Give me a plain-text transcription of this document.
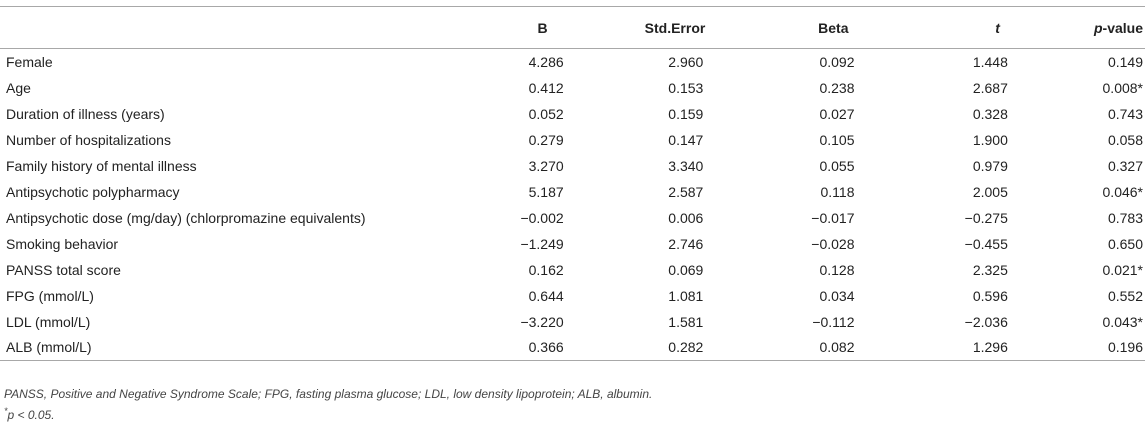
	B	Std.Error	Beta	t	p-value
Female	4.286	2.960	0.092	1.448	0.149
Age	0.412	0.153	0.238	2.687	0.008*
Duration of illness (years)	0.052	0.159	0.027	0.328	0.743
Number of hospitalizations	0.279	0.147	0.105	1.900	0.058
Family history of mental illness	3.270	3.340	0.055	0.979	0.327
Antipsychotic polypharmacy	5.187	2.587	0.118	2.005	0.046*
Antipsychotic dose (mg/day) (chlorpromazine equivalents)	−0.002	0.006	−0.017	−0.275	0.783
Smoking behavior	−1.249	2.746	−0.028	−0.455	0.650
PANSS total score	0.162	0.069	0.128	2.325	0.021*
FPG (mmol/L)	0.644	1.081	0.034	0.596	0.552
LDL (mmol/L)	−3.220	1.581	−0.112	−2.036	0.043*
ALB (mmol/L)	0.366	0.282	0.082	1.296	0.196
PANSS, Positive and Negative Syndrome Scale; FPG, fasting plasma glucose; LDL, low density lipoprotein; ALB, albumin.
*p < 0.05.
